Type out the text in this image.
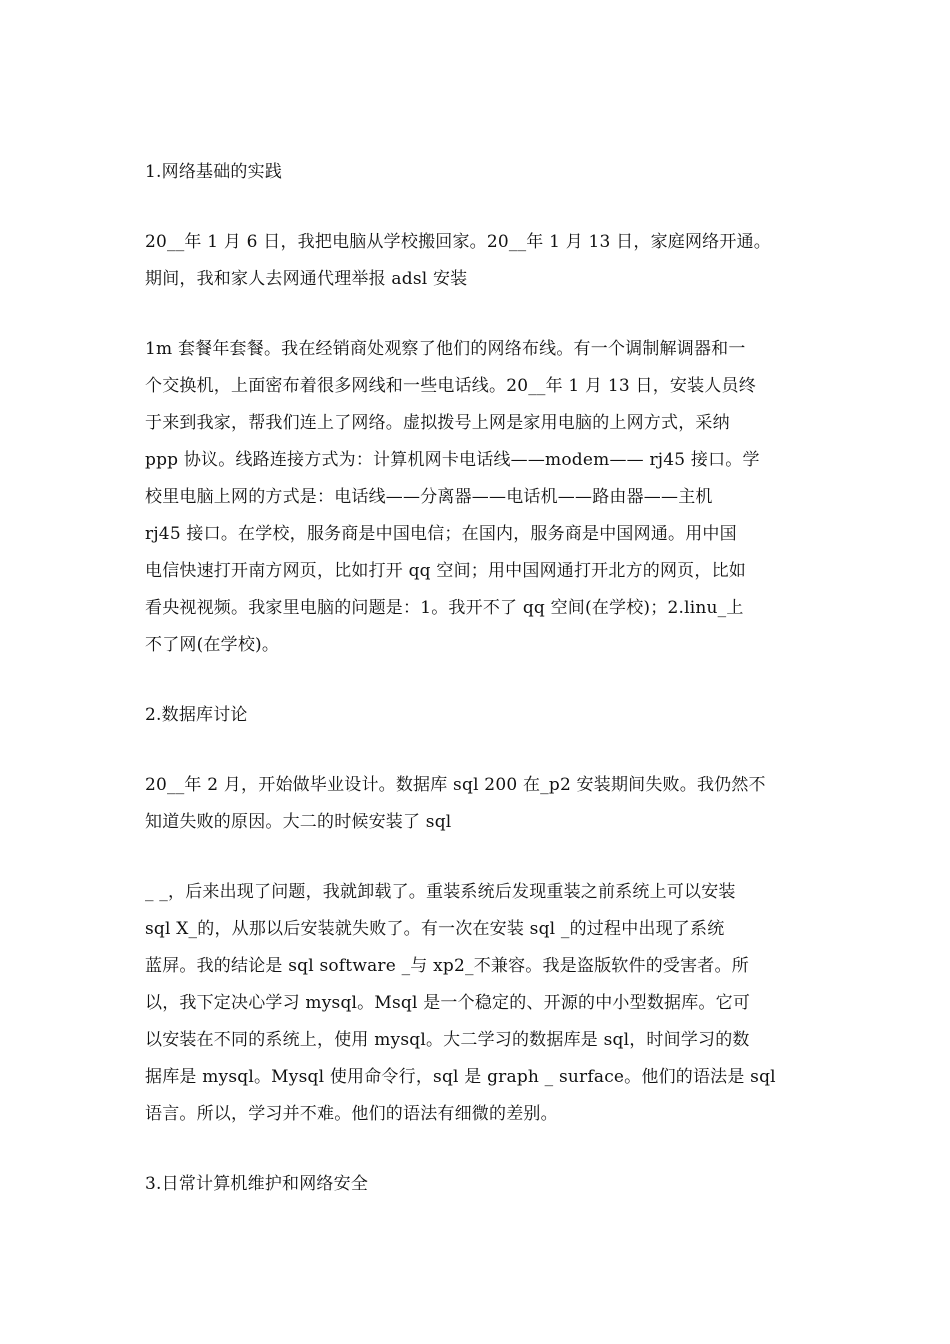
1.网络基础的实践
20__年 1 月 6 日，我把电脑从学校搬回家。20__年 1 月 13 日，家庭网络开通。
期间，我和家人去网通代理举报 adsl 安装
1m 套餐年套餐。我在经销商处观察了他们的网络布线。有一个调制解调器和一
个交换机，上面密布着很多网线和一些电话线。20__年 1 月 13 日，安装人员终
于来到我家，帮我们连上了网络。虚拟拨号上网是家用电脑的上网方式，采纳
ppp 协议。线路连接方式为：计算机网卡电话线——modem—— rj45 接口。学
校里电脑上网的方式是：电话线——分离器——电话机——路由器——主机
rj45 接口。在学校，服务商是中国电信；在国内，服务商是中国网通。用中国
电信快速打开南方网页，比如打开 qq 空间；用中国网通打开北方的网页，比如
看央视视频。我家里电脑的问题是：1。我开不了 qq 空间(在学校)；2.linu_上
不了网(在学校)。
2.数据库讨论
20__年 2 月，开始做毕业设计。数据库 sql 200 在_p2 安装期间失败。我仍然不
知道失败的原因。大二的时候安装了 sql
_ _，后来出现了问题，我就卸载了。重装系统后发现重装之前系统上可以安装
sql X_的，从那以后安装就失败了。有一次在安装 sql _的过程中出现了系统
蓝屏。我的结论是 sql software _与 xp2_不兼容。我是盗版软件的受害者。所
以，我下定决心学习 mysql。Msql 是一个稳定的、开源的中小型数据库。它可
以安装在不同的系统上，使用 mysql。大二学习的数据库是 sql，时间学习的数
据库是 mysql。Mysql 使用命令行，sql 是 graph _ surface。他们的语法是 sql
语言。所以，学习并不难。他们的语法有细微的差别。
3.日常计算机维护和网络安全
